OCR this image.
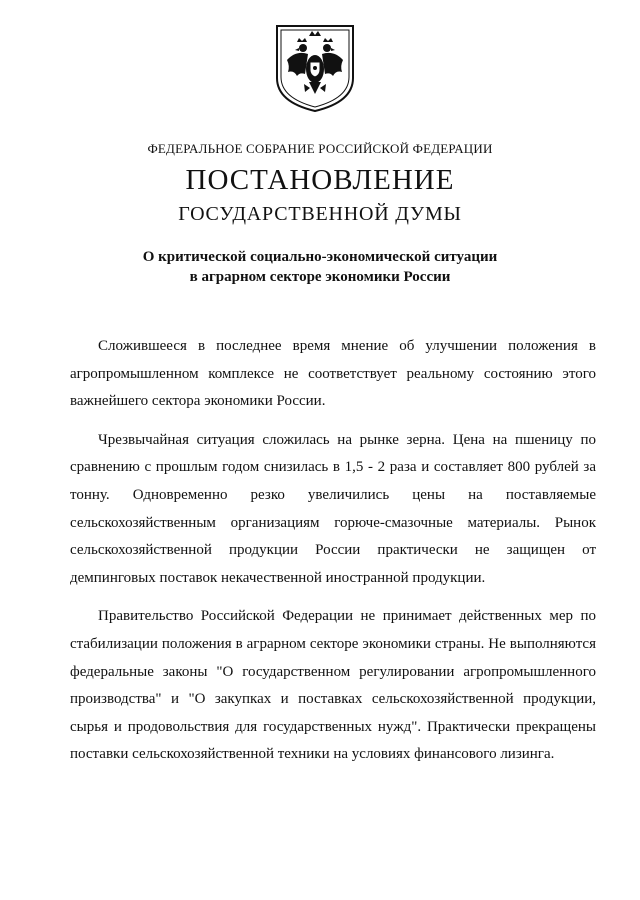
ФЕДЕРАЛЬНОЕ СОБРАНИЕ РОССИЙСКОЙ ФЕДЕРАЦИИ
ПОСТАНОВЛЕНИЕ
ГОСУДАРСТВЕННОЙ ДУМЫ
О критической социально-экономической ситуации
в аграрном секторе экономики России

Сложившееся в последнее время мнение об улучшении положения в агропромышленном комплексе не соответствует реальному состоянию этого важнейшего сектора экономики России.

Чрезвычайная ситуация сложилась на рынке зерна. Цена на пшеницу по сравнению с прошлым годом снизилась в 1,5 - 2 раза и составляет 800 рублей за тонну. Одновременно резко увеличились цены на поставляемые сельскохозяйственным организациям горюче-смазочные материалы. Рынок сельскохозяйственной продукции России практически не защищен от демпинговых поставок некачественной иностранной продукции.

Правительство Российской Федерации не принимает действенных мер по стабилизации положения в аграрном секторе экономики страны. Не выполняются федеральные законы "О государственном регулировании агропромышленного производства" и "О закупках и поставках сельскохозяйственной продукции, сырья и продовольствия для государственных нужд". Практически прекращены поставки сельскохозяйственной техники на условиях финансового лизинга.
